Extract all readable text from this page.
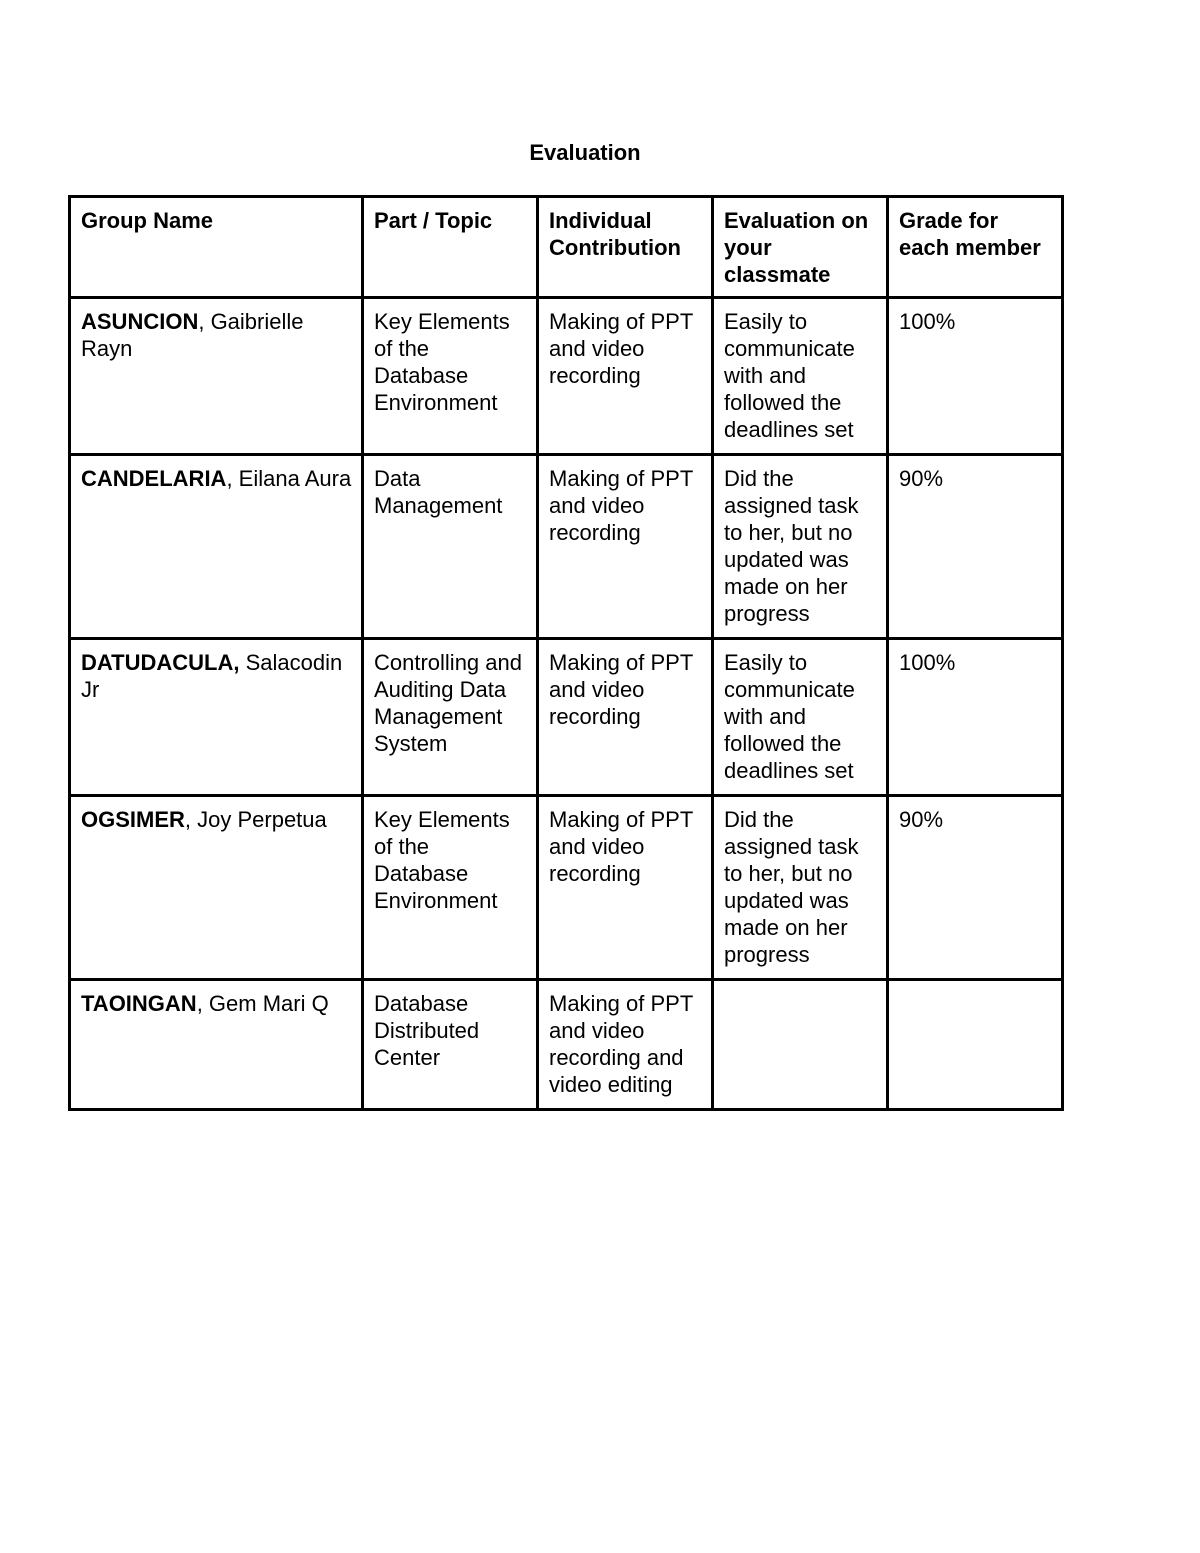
Evaluation
Group Name	Part / Topic	Individual Contribution	Evaluation on your classmate	Grade for each member
ASUNCION, Gaibrielle Rayn	Key Elements of the Database Environment	Making of PPT and video recording	Easily to communicate with and followed the deadlines set	100%
CANDELARIA, Eilana Aura	Data Management	Making of PPT and video recording	Did the assigned task to her, but no updated was made on her progress	90%
DATUDACULA, Salacodin Jr	Controlling and Auditing Data Management System	Making of PPT and video recording	Easily to communicate with and followed the deadlines set	100%
OGSIMER, Joy Perpetua	Key Elements of the Database Environment	Making of PPT and video recording	Did the assigned task to her, but no updated was made on her progress	90%
TAOINGAN, Gem Mari Q	Database Distributed Center	Making of PPT and video recording and video editing		
